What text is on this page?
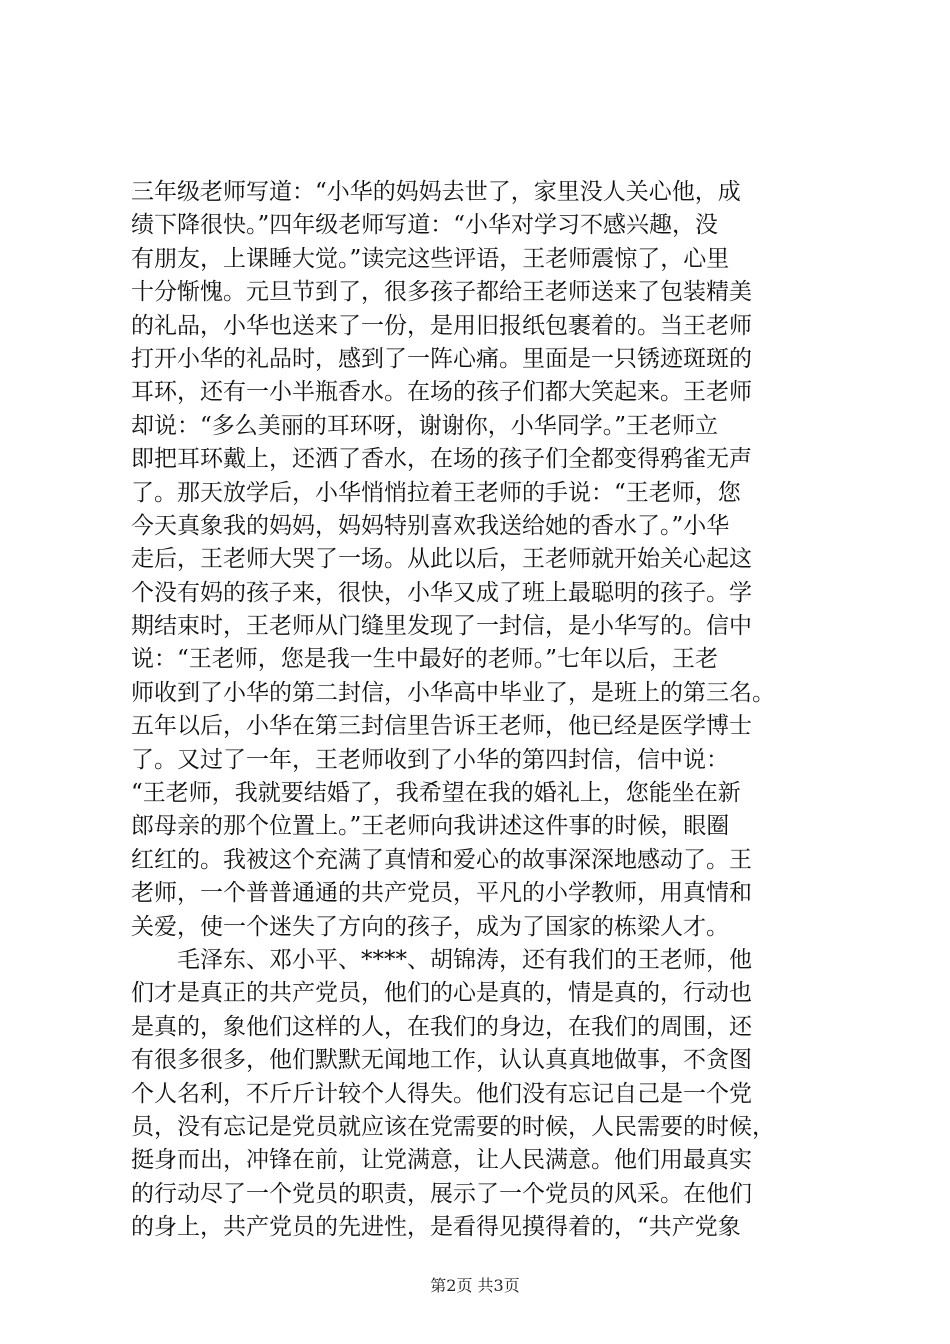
三年级老师写道：“小华的妈妈去世了，家里没人关心他，成
绩下降很快。”四年级老师写道：“小华对学习不感兴趣，没
有朋友，上课睡大觉。”读完这些评语，王老师震惊了，心里
十分惭愧。元旦节到了，很多孩子都给王老师送来了包装精美
的礼品，小华也送来了一份，是用旧报纸包裹着的。当王老师
打开小华的礼品时，感到了一阵心痛。里面是一只锈迹斑斑的
耳环，还有一小半瓶香水。在场的孩子们都大笑起来。王老师
却说：“多么美丽的耳环呀，谢谢你，小华同学。”王老师立
即把耳环戴上，还洒了香水，在场的孩子们全都变得鸦雀无声
了。那天放学后，小华悄悄拉着王老师的手说：“王老师，您
今天真象我的妈妈，妈妈特别喜欢我送给她的香水了。”小华
走后，王老师大哭了一场。从此以后，王老师就开始关心起这
个没有妈的孩子来，很快，小华又成了班上最聪明的孩子。学
期结束时，王老师从门缝里发现了一封信，是小华写的。信中
说：“王老师，您是我一生中最好的老师。”七年以后，王老
师收到了小华的第二封信，小华高中毕业了，是班上的第三名。
五年以后，小华在第三封信里告诉王老师，他已经是医学博士
了。又过了一年，王老师收到了小华的第四封信，信中说：
“王老师，我就要结婚了，我希望在我的婚礼上，您能坐在新
郎母亲的那个位置上。”王老师向我讲述这件事的时候，眼圈
红红的。我被这个充满了真情和爱心的故事深深地感动了。王
老师，一个普普通通的共产党员，平凡的小学教师，用真情和
关爱，使一个迷失了方向的孩子，成为了国家的栋梁人才。
　　毛泽东、邓小平、****、胡锦涛，还有我们的王老师，他
们才是真正的共产党员，他们的心是真的，情是真的，行动也
是真的，象他们这样的人，在我们的身边，在我们的周围，还
有很多很多，他们默默无闻地工作，认认真真地做事，不贪图
个人名利，不斤斤计较个人得失。他们没有忘记自己是一个党
员，没有忘记是党员就应该在党需要的时候，人民需要的时候，
挺身而出，冲锋在前，让党满意，让人民满意。他们用最真实
的行动尽了一个党员的职责，展示了一个党员的风采。在他们
的身上，共产党员的先进性，是看得见摸得着的，“共产党象
第2页 共3页
